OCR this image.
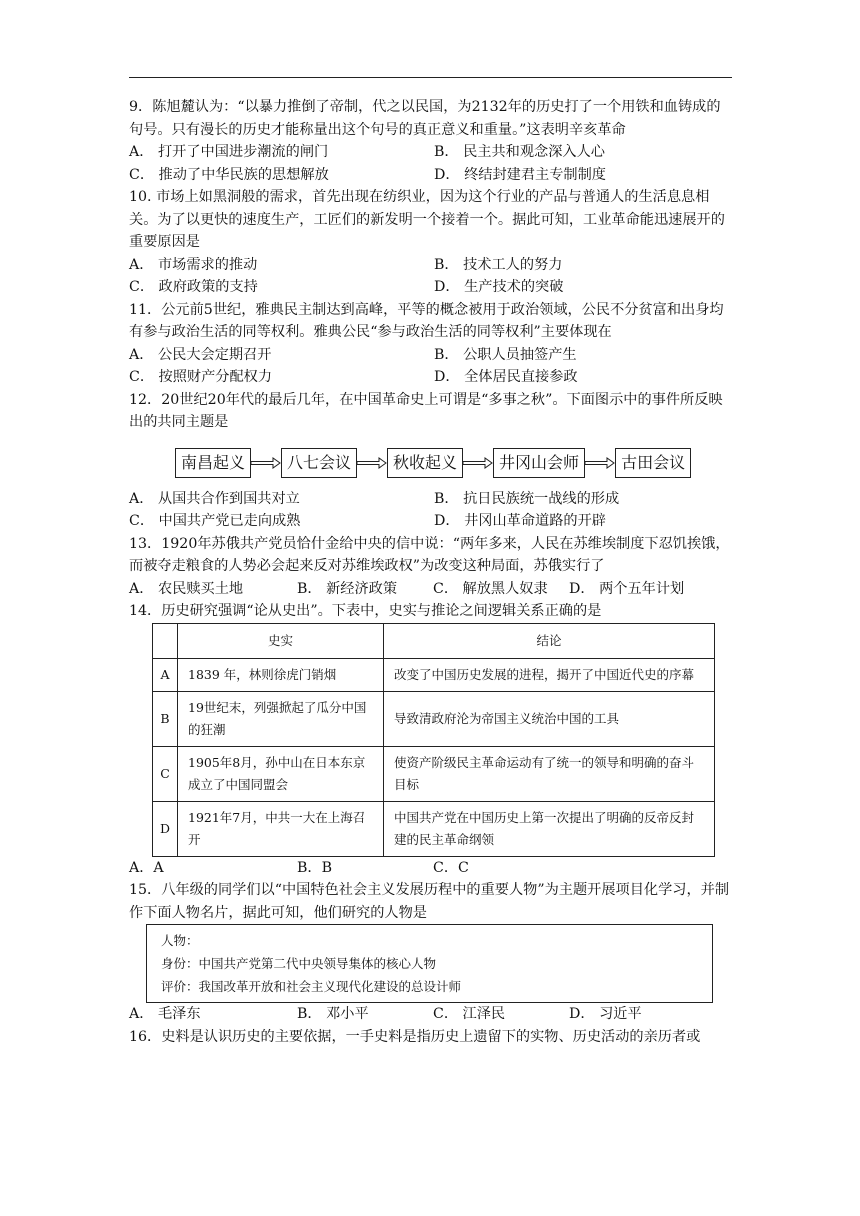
9．陈旭麓认为：“以暴力推倒了帝制，代之以民国，为2132年的历史打了一个用铁和血铸成的句号。只有漫长的历史才能称量出这个句号的真正意义和重量。”这表明辛亥革命

A． 打开了中国进步潮流的闸门	B． 民主共和观念深入人心
C． 推动了中华民族的思想解放	D． 终结封建君主专制制度

10. 市场上如黑洞般的需求，首先出现在纺织业，因为这个行业的产品与普通人的生活息息相关。为了以更快的速度生产，工匠们的新发明一个接着一个。据此可知，工业革命能迅速展开的重要原因是

A． 市场需求的推动	B． 技术工人的努力
C． 政府政策的支持	D． 生产技术的突破

11．公元前5世纪，雅典民主制达到高峰，平等的概念被用于政治领域，公民不分贫富和出身均有参与政治生活的同等权利。雅典公民“参与政治生活的同等权利”主要体现在

A． 公民大会定期召开	B． 公职人员抽签产生
C． 按照财产分配权力	D． 全体居民直接参政

12．20世纪20年代的最后几年，在中国革命史上可谓是“多事之秋”。下面图示中的事件所反映出的共同主题是

南昌起义	八七会议	秋收起义	井冈山会师	古田会议
A． 从国共合作到国共对立	B． 抗日民族统一战线的形成
C． 中国共产党已走向成熟	D． 井冈山革命道路的开辟

13．1920年苏俄共产党员恰什金给中央的信中说：“两年多来，人民在苏维埃制度下忍饥挨饿，而被夺走粮食的人势必会起来反对苏维埃政权”为改变这种局面，苏俄实行了

A． 农民赎买土地	B． 新经济政策	C． 解放黑人奴隶	D． 两个五年计划

14．历史研究强调“论从史出”。下表中，史实与推论之间逻辑关系正确的是

	史实	结论
A	1839 年，林则徐虎门销烟	改变了中国历史发展的进程，揭开了中国近代史的序幕
B	19世纪末，列强掀起了瓜分中国的狂潮	导致清政府沦为帝国主义统治中国的工具
C	1905年8月，孙中山在日本东京成立了中国同盟会	使资产阶级民主革命运动有了统一的领导和明确的奋斗目标
D	1921年7月，中共一大在上海召开	中国共产党在中国历史上第一次提出了明确的反帝反封建的民主革命纲领
A．A	B．B	C．C

15．八年级的同学们以“中国特色社会主义发展历程中的重要人物”为主题开展项目化学习，并制作下面人物名片，据此可知，他们研究的人物是

人物：
身份：中国共产党第二代中央领导集体的核心人物
评价：我国改革开放和社会主义现代化建设的总设计师
A． 毛泽东	B． 邓小平	C． 江泽民	D． 习近平

16．史料是认识历史的主要依据，一手史料是指历史上遗留下的实物、历史活动的亲历者或
